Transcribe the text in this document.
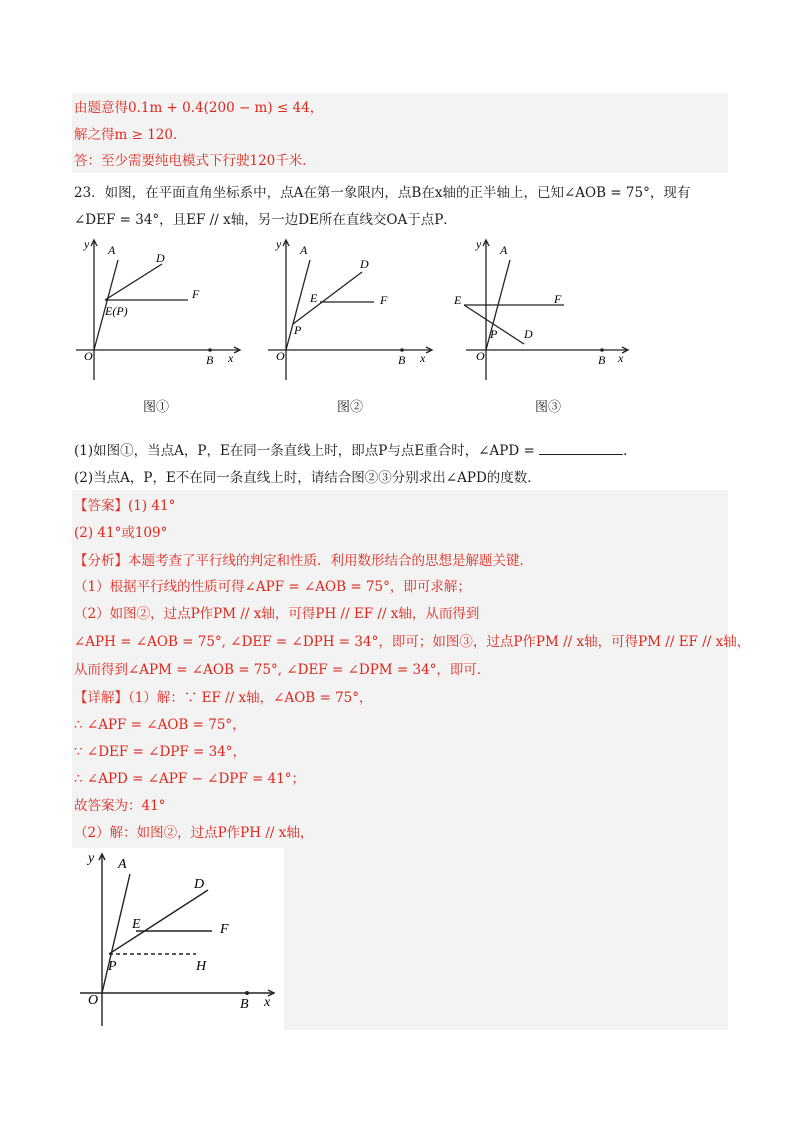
由题意得0.1m + 0.4(200 − m) ≤ 44，
解之得m ≥ 120．
答：至少需要纯电模式下行驶120千米．
23．如图，在平面直角坐标系中，点A在第一象限内，点B在x轴的正半轴上，已知∠AOB = 75°，现有
∠DEF = 34°，且EF // x轴，另一边DE所在直线交OA于点P．
y A
D
E(P)
F
O	B x
图①
y A
D
E	F
P
O	B x
图②
y A
E	F
P D
O	B x
图③
(1)如图①，当点A，P，E在同一条直线上时，即点P与点E重合时，∠APD =	．
(2)当点A，P，E不在同一条直线上时，请结合图②③分别求出∠APD的度数．
【答案】(1) 41°
(2) 41°或109°
【分析】本题考查了平行线的判定和性质．利用数形结合的思想是解题关键．
（1）根据平行线的性质可得∠APF = ∠AOB = 75°，即可求解；
（2）如图②，过点P作PM // x轴，可得PH // EF // x轴，从而得到
∠APH = ∠AOB = 75°, ∠DEF = ∠DPH = 34°，即可；如图③，过点P作PM // x轴，可得PM // EF // x轴，
从而得到∠APM = ∠AOB = 75°, ∠DEF = ∠DPM = 34°，即可．
【详解】（1）解：∵ EF // x轴，∠AOB = 75°，
∴ ∠APF = ∠AOB = 75°，
∵ ∠DEF = ∠DPF = 34°，
∴ ∠APD = ∠APF − ∠DPF = 41°；
故答案为：41°
（2）解：如图②，过点P作PH // x轴，
y A
D
E	F
P	H
O	B x
